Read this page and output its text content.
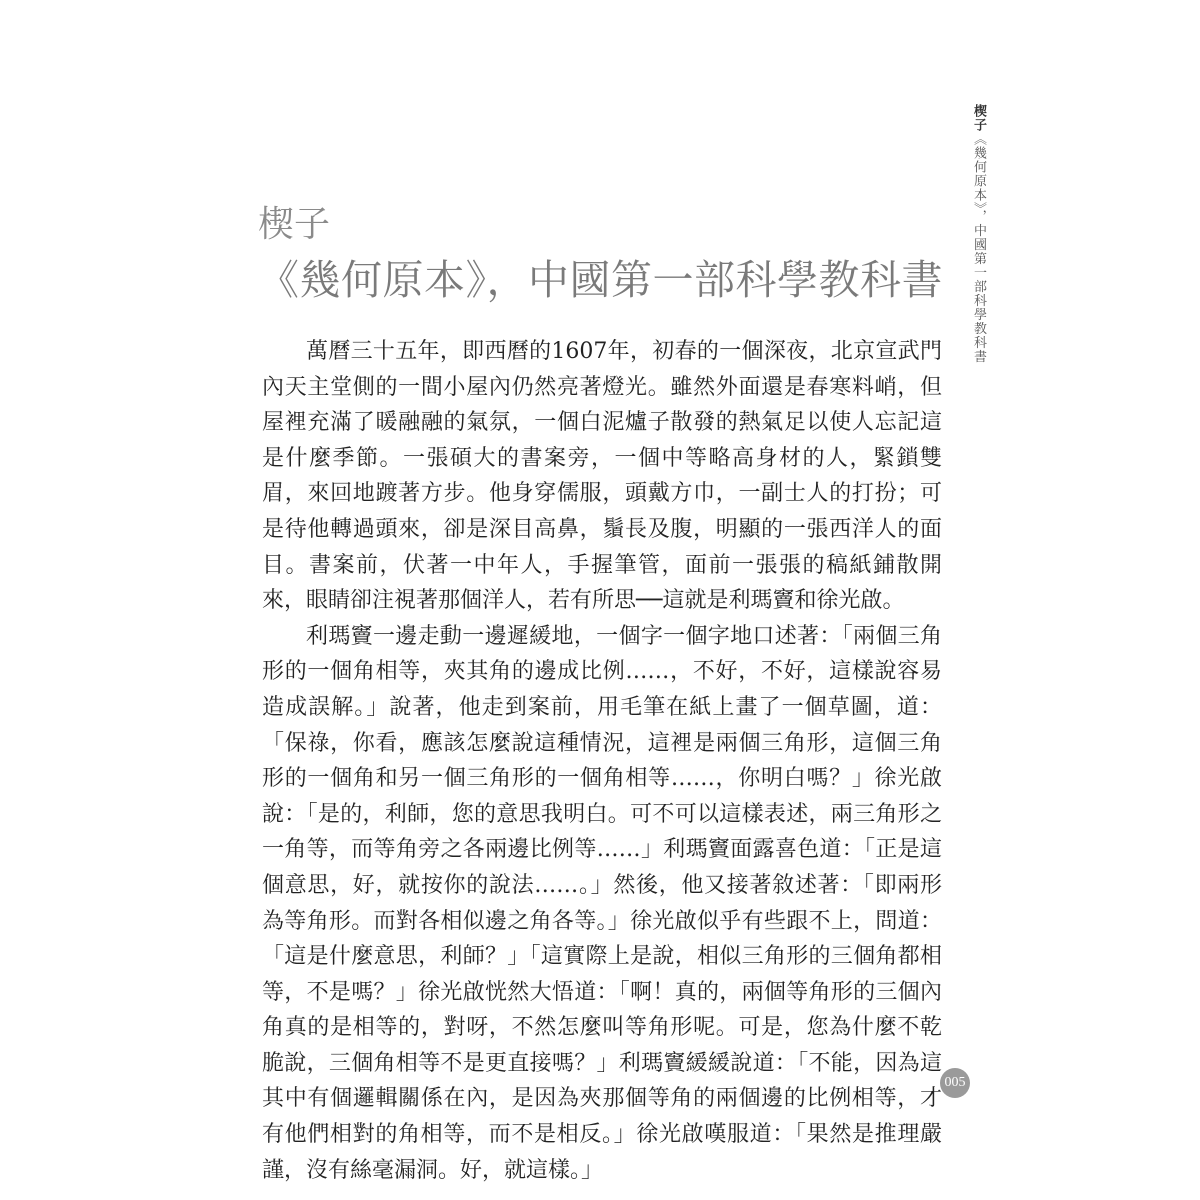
楔子《幾何原本》，中國第一部科學教科書
楔子
《幾何原本》，中國第一部科學教科書

萬曆三十五年，即西曆的1607年，初春的一個深夜，北京宣武門內天主堂側的一間小屋內仍然亮著燈光。雖然外面還是春寒料峭，但屋裡充滿了暖融融的氣氛，一個白泥爐子散發的熱氣足以使人忘記這是什麼季節。一張碩大的書案旁，一個中等略高身材的人，緊鎖雙眉，來回地踱著方步。他身穿儒服，頭戴方巾，一副士人的打扮；可是待他轉過頭來，卻是深目高鼻，鬚長及腹，明顯的一張西洋人的面目。書案前，伏著一中年人，手握筆管，面前一張張的稿紙鋪散開來，眼睛卻注視著那個洋人，若有所思──這就是利瑪竇和徐光啟。

利瑪竇一邊走動一邊遲緩地，一個字一個字地口述著：「兩個三角形的一個角相等，夾其角的邊成比例……，不好，不好，這樣說容易造成誤解。」說著，他走到案前，用毛筆在紙上畫了一個草圖，道：「保祿，你看，應該怎麼說這種情況，這裡是兩個三角形，這個三角形的一個角和另一個三角形的一個角相等……，你明白嗎？」徐光啟說：「是的，利師，您的意思我明白。可不可以這樣表述，兩三角形之一角等，而等角旁之各兩邊比例等……」利瑪竇面露喜色道：「正是這個意思，好，就按你的說法……。」然後，他又接著敘述著：「即兩形為等角形。而對各相似邊之角各等。」徐光啟似乎有些跟不上，問道：「這是什麼意思，利師？」「這實際上是說，相似三角形的三個角都相等，不是嗎？」徐光啟恍然大悟道：「啊！真的，兩個等角形的三個內角真的是相等的，對呀，不然怎麼叫等角形呢。可是，您為什麼不乾脆說，三個角相等不是更直接嗎？」利瑪竇緩緩說道：「不能，因為這其中有個邏輯關係在內，是因為夾那個等角的兩個邊的比例相等，才有他們相對的角相等，而不是相反。」徐光啟嘆服道：「果然是推理嚴謹，沒有絲毫漏洞。好，就這樣。」

005
